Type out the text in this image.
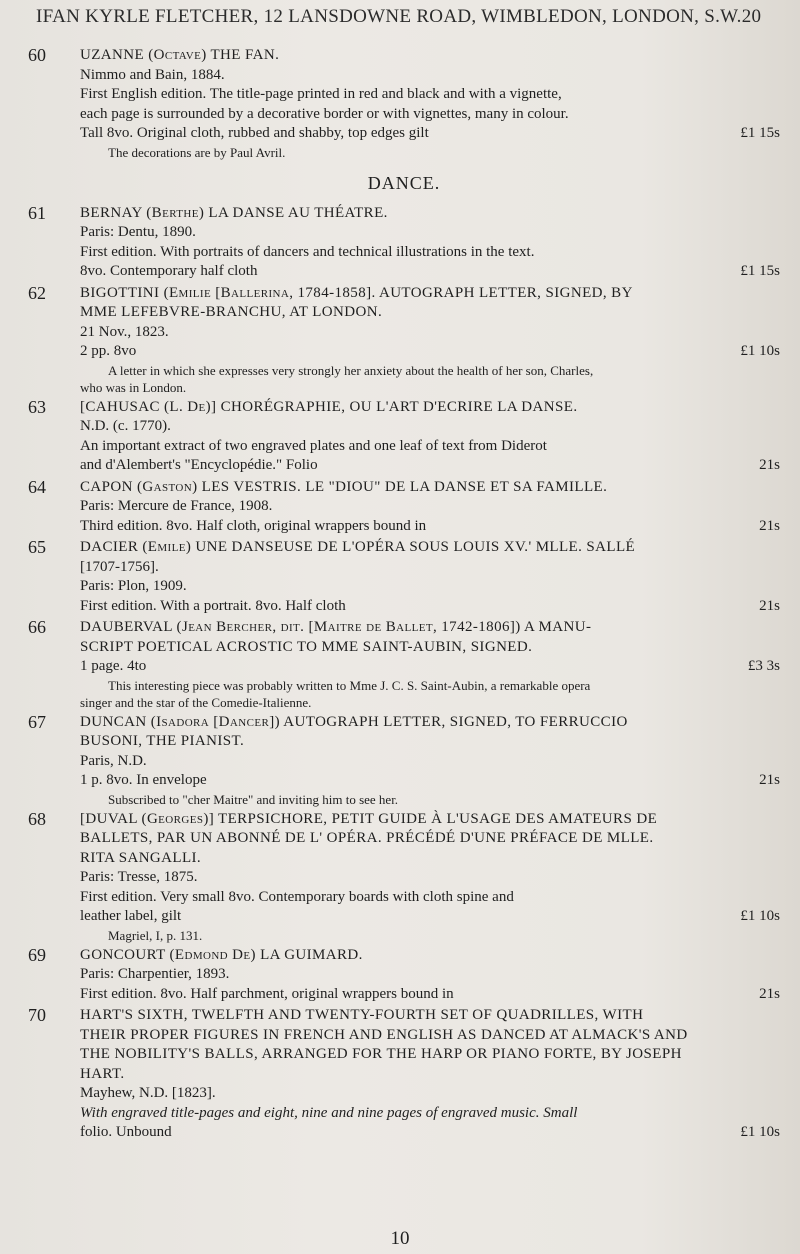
IFAN KYRLE FLETCHER, 12 LANSDOWNE ROAD, WIMBLEDON, LONDON, S.W.20
60	UZANNE (Octave) THE FAN.
Nimmo and Bain, 1884.
First English edition. The title-page printed in red and black and with a vignette,
each page is surrounded by a decorative border or with vignettes, many in colour.
Tall 8vo. Original cloth, rubbed and shabby, top edges gilt	£1 15s
The decorations are by Paul Avril.
DANCE.
61	BERNAY (Berthe) LA DANSE AU THÉATRE.
Paris: Dentu, 1890.
First edition. With portraits of dancers and technical illustrations in the text.
8vo. Contemporary half cloth	£1 15s
62	BIGOTTINI (Emilie [Ballerina, 1784-1858]. AUTOGRAPH LETTER, SIGNED, BY
MME LEFEBVRE-BRANCHU, AT LONDON.
21 Nov., 1823.
2 pp. 8vo	£1 10s
A letter in which she expresses very strongly her anxiety about the health of her son, Charles,
who was in London.
63	[CAHUSAC (L. De)] CHORÉGRAPHIE, OU L'ART D'ECRIRE LA DANSE.
N.D. (c. 1770).
An important extract of two engraved plates and one leaf of text from Diderot
and d'Alembert's "Encyclopédie." Folio	21s
64	CAPON (Gaston) LES VESTRIS. LE "DIOU" DE LA DANSE ET SA FAMILLE.
Paris: Mercure de France, 1908.
Third edition. 8vo. Half cloth, original wrappers bound in	21s
65	DACIER (Emile) UNE DANSEUSE DE L'OPÉRA SOUS LOUIS XV.' MLLE. SALLÉ
[1707-1756].
Paris: Plon, 1909.
First edition. With a portrait. 8vo. Half cloth	21s
66	DAUBERVAL (Jean Bercher, dit. [Maitre de Ballet, 1742-1806]) A MANU-
SCRIPT POETICAL ACROSTIC TO MME SAINT-AUBIN, SIGNED.
1 page. 4to	£3 3s
This interesting piece was probably written to Mme J. C. S. Saint-Aubin, a remarkable opera
singer and the star of the Comedie-Italienne.
67	DUNCAN (Isadora [Dancer]) AUTOGRAPH LETTER, SIGNED, TO FERRUCCIO
BUSONI, THE PIANIST.
Paris, N.D.
1 p. 8vo. In envelope	21s
Subscribed to "cher Maitre" and inviting him to see her.
68	[DUVAL (Georges)] TERPSICHORE, PETIT GUIDE À L'USAGE DES AMATEURS DE
BALLETS, PAR UN ABONNÉ DE L' OPÉRA. PRÉCÉDÉ D'UNE PRÉFACE DE MLLE.
RITA SANGALLI.
Paris: Tresse, 1875.
First edition. Very small 8vo. Contemporary boards with cloth spine and
leather label, gilt	£1 10s
Magriel, I, p. 131.
69	GONCOURT (Edmond De) LA GUIMARD.
Paris: Charpentier, 1893.
First edition. 8vo. Half parchment, original wrappers bound in	21s
70	HART'S SIXTH, TWELFTH AND TWENTY-FOURTH SET OF QUADRILLES, WITH
THEIR PROPER FIGURES IN FRENCH AND ENGLISH AS DANCED AT ALMACK'S AND
THE NOBILITY'S BALLS, ARRANGED FOR THE HARP OR PIANO FORTE, BY JOSEPH
HART.
Mayhew, N.D. [1823].
With engraved title-pages and eight, nine and nine pages of engraved music. Small
folio. Unbound	£1 10s
10
